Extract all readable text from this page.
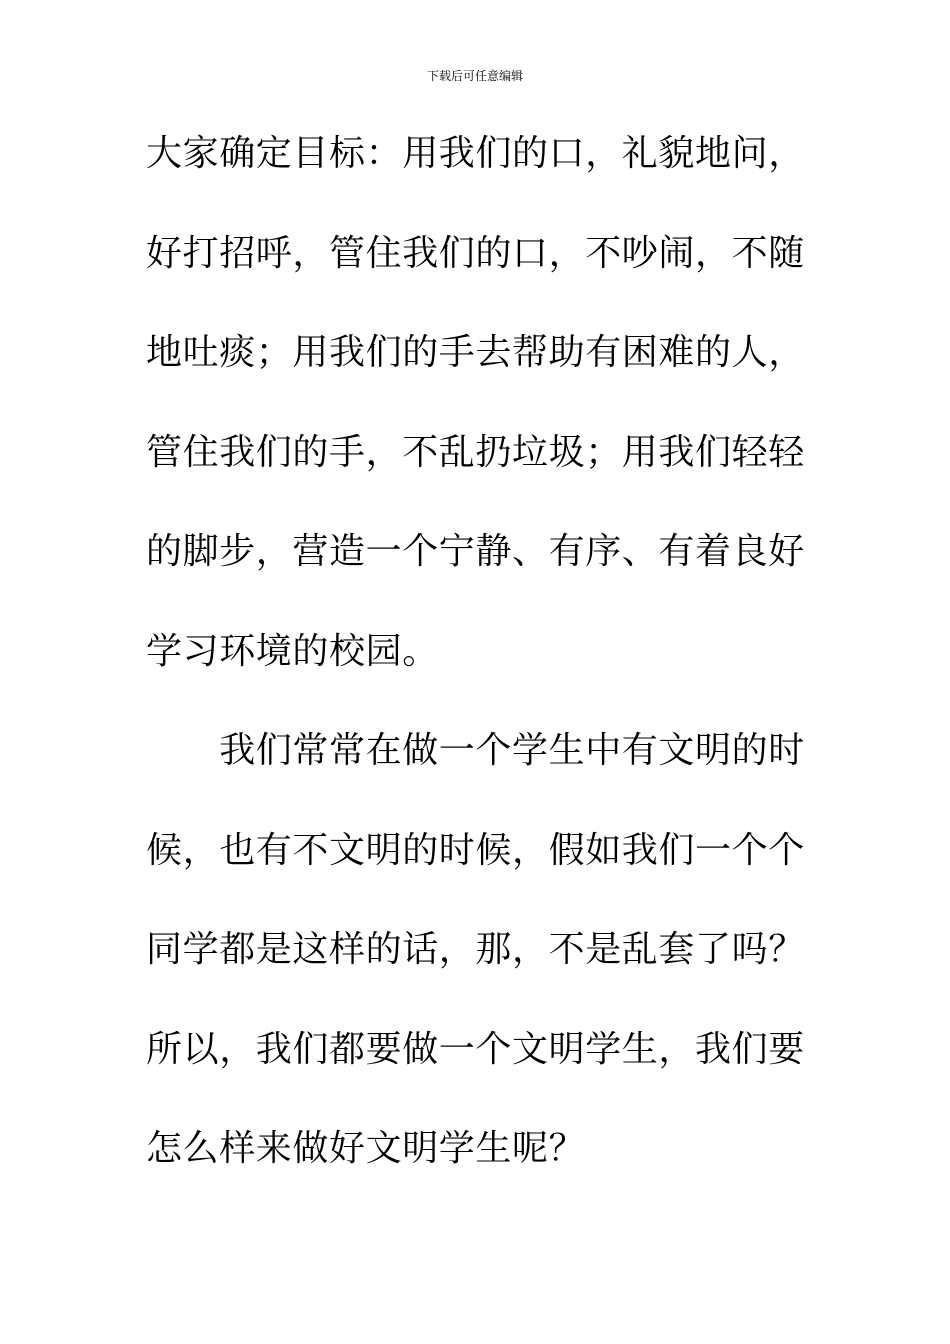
下载后可任意编辑
大家确定目标：用我们的口，礼貌地问，
好打招呼，管住我们的口，不吵闹，不随
地吐痰；用我们的手去帮助有困难的人，
管住我们的手，不乱扔垃圾；用我们轻轻
的脚步，营造一个宁静、有序、有着良好
学习环境的校园。
　　我们常常在做一个学生中有文明的时
候，也有不文明的时候，假如我们一个个
同学都是这样的话，那，不是乱套了吗？
所以，我们都要做一个文明学生，我们要
怎么样来做好文明学生呢？
